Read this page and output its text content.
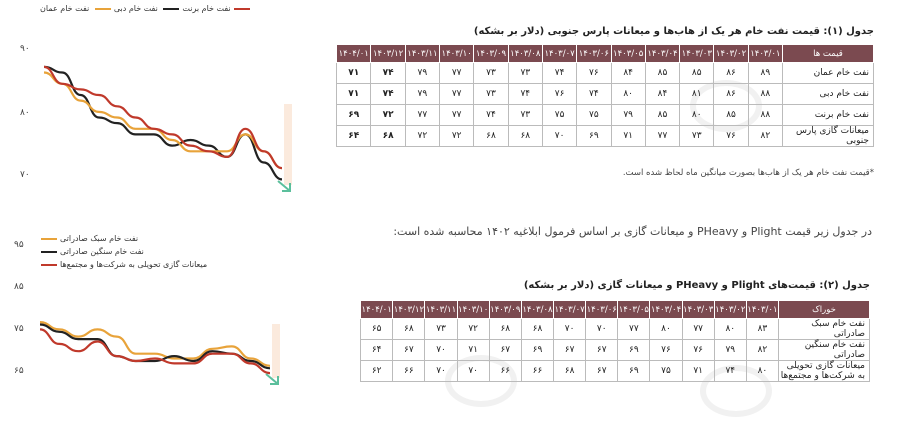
نفت خام برنت نفت خام دبی نفت خام عمان
۹۰
۸۰
۷۰
نفت خام سبک صادراتی
نفت خام سنگین صادراتی
میعانات گازی تحویلی به شرکت‌ها و مجتمع‌ها
۹۵
۸۵
۷۵
۶۵
جدول (۱): قیمت نفت خام هر یک از هاب‌ها و میعانات پارس جنوبی (دلار بر بشکه)
قیمت ها	۱۴۰۳/۰۱	۱۴۰۳/۰۲	۱۴۰۳/۰۳	۱۴۰۳/۰۴	۱۴۰۳/۰۵	۱۴۰۳/۰۶	۱۴۰۳/۰۷	۱۴۰۳/۰۸	۱۴۰۳/۰۹	۱۴۰۳/۱۰	۱۴۰۳/۱۱	۱۴۰۳/۱۲	۱۴۰۴/۰۱
نفت خام عمان	۸۹	۸۶	۸۵	۸۵	۸۴	۷۶	۷۴	۷۳	۷۳	۷۷	۷۹	۷۴	۷۱
نفت خام دبی	۸۸	۸۶	۸۱	۸۴	۸۰	۷۴	۷۶	۷۴	۷۳	۷۷	۷۹	۷۴	۷۱
نفت خام برنت	۸۸	۸۵	۸۰	۸۵	۷۹	۷۵	۷۵	۷۳	۷۴	۷۷	۷۷	۷۲	۶۹
میعانات گازی پارس جنوبی	۸۲	۷۶	۷۳	۷۷	۷۱	۶۹	۷۰	۶۸	۶۸	۷۲	۷۲	۶۸	۶۴
*قیمت نفت خام هر یک از هاب‌ها بصورت میانگین ماه لحاظ شده است.
در جدول زیر قیمت Plight و PHeavy و میعانات گازی بر اساس فرمول ابلاغیه ۱۴۰۲ محاسبه شده است:
جدول (۲): قیمت‌های Plight و PHeavy و میعانات گازی (دلار بر بشکه)
خوراک	۱۴۰۳/۰۱	۱۴۰۳/۰۲	۱۴۰۳/۰۳	۱۴۰۳/۰۴	۱۴۰۳/۰۵	۱۴۰۳/۰۶	۱۴۰۳/۰۷	۱۴۰۳/۰۸	۱۴۰۳/۰۹	۱۴۰۳/۱۰	۱۴۰۳/۱۱	۱۴۰۳/۱۲	۱۴۰۴/۰۱
نفت خام سبک صادراتی	۸۳	۸۰	۷۷	۸۰	۷۷	۷۰	۷۰	۶۸	۶۸	۷۲	۷۳	۶۸	۶۵
نفت خام سنگین صادراتی	۸۲	۷۹	۷۶	۷۶	۶۹	۶۷	۶۷	۶۹	۶۷	۷۱	۷۰	۶۷	۶۴
میعانات گازی تحویلی به شرکت‌ها و مجتمع‌ها	۸۰	۷۴	۷۱	۷۵	۶۹	۶۷	۶۸	۶۶	۶۶	۷۰	۷۰	۶۶	۶۲
